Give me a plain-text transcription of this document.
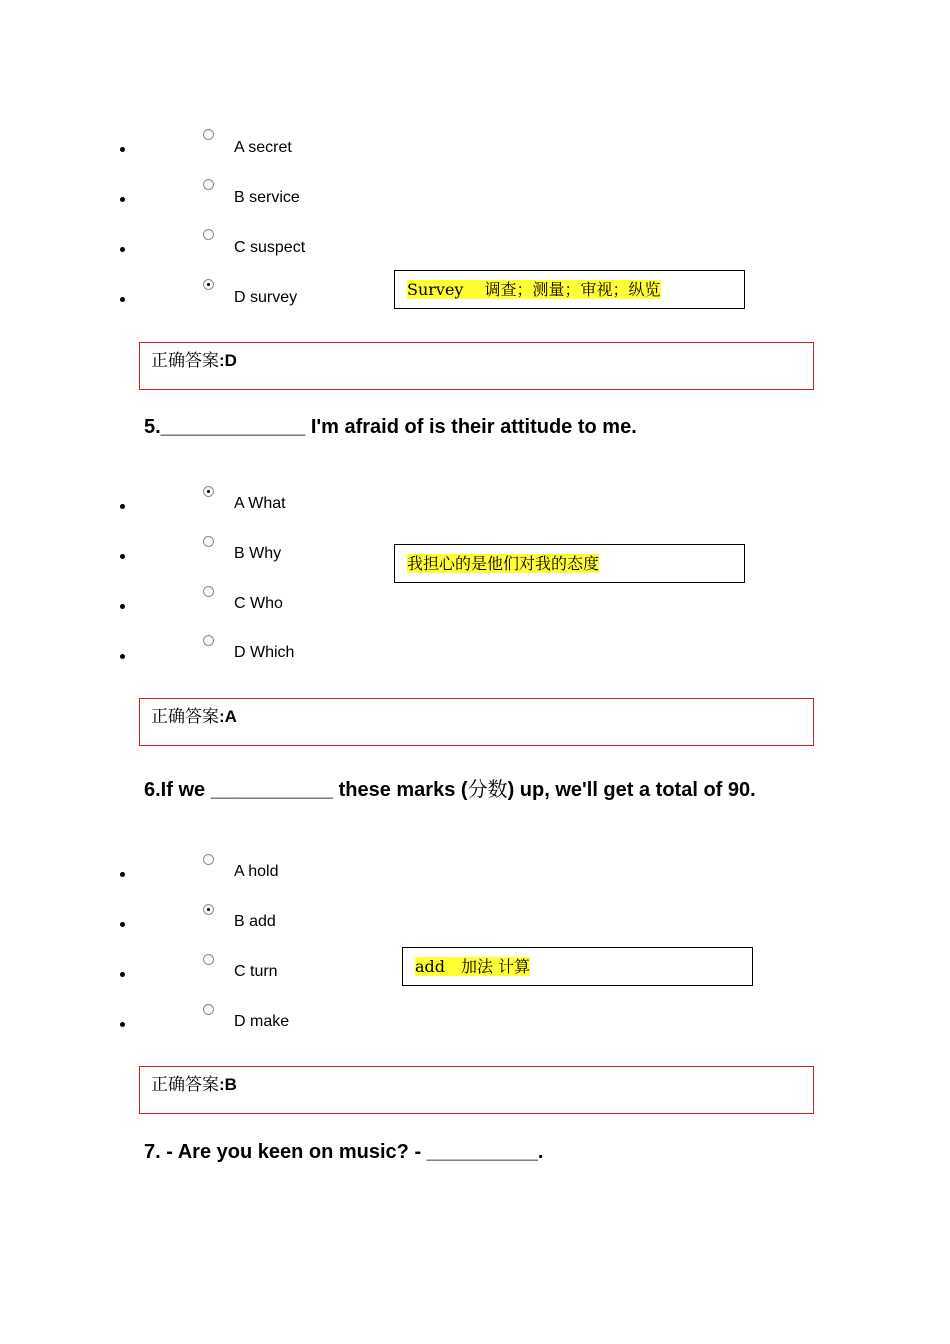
A secret
B service
C suspect
D survey	Survey　 调查；测量；审视；纵览
正确答案:D
5._____________ I'm afraid of is their attitude to me.
A What
B Why
C Who
D Which
我担心的是他们对我的态度
正确答案:A
6.If we ___________ these marks (分数) up, we'll get a total of 90.
A hold
B add
C turn
D make
add　加法 计算
正确答案:B
7. - Are you keen on music? - __________.
